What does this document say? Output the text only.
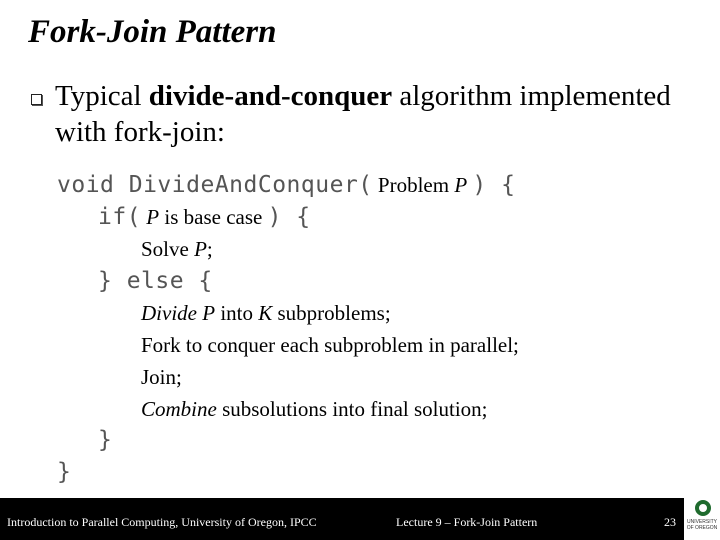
Fork-Join Pattern
Typical divide-and-conquer algorithm implemented with fork-join:
void DivideAndConquer( Problem P ) {
if( P is base case ) {
Solve P;
} else {
Divide P into K subproblems;
Fork to conquer each subproblem in parallel;
Join;
Combine subsolutions into final solution;
}
}
Introduction to Parallel Computing, University of Oregon, IPCC	Lecture 9 – Fork-Join Pattern	23	UNIVERSITY OF OREGON
